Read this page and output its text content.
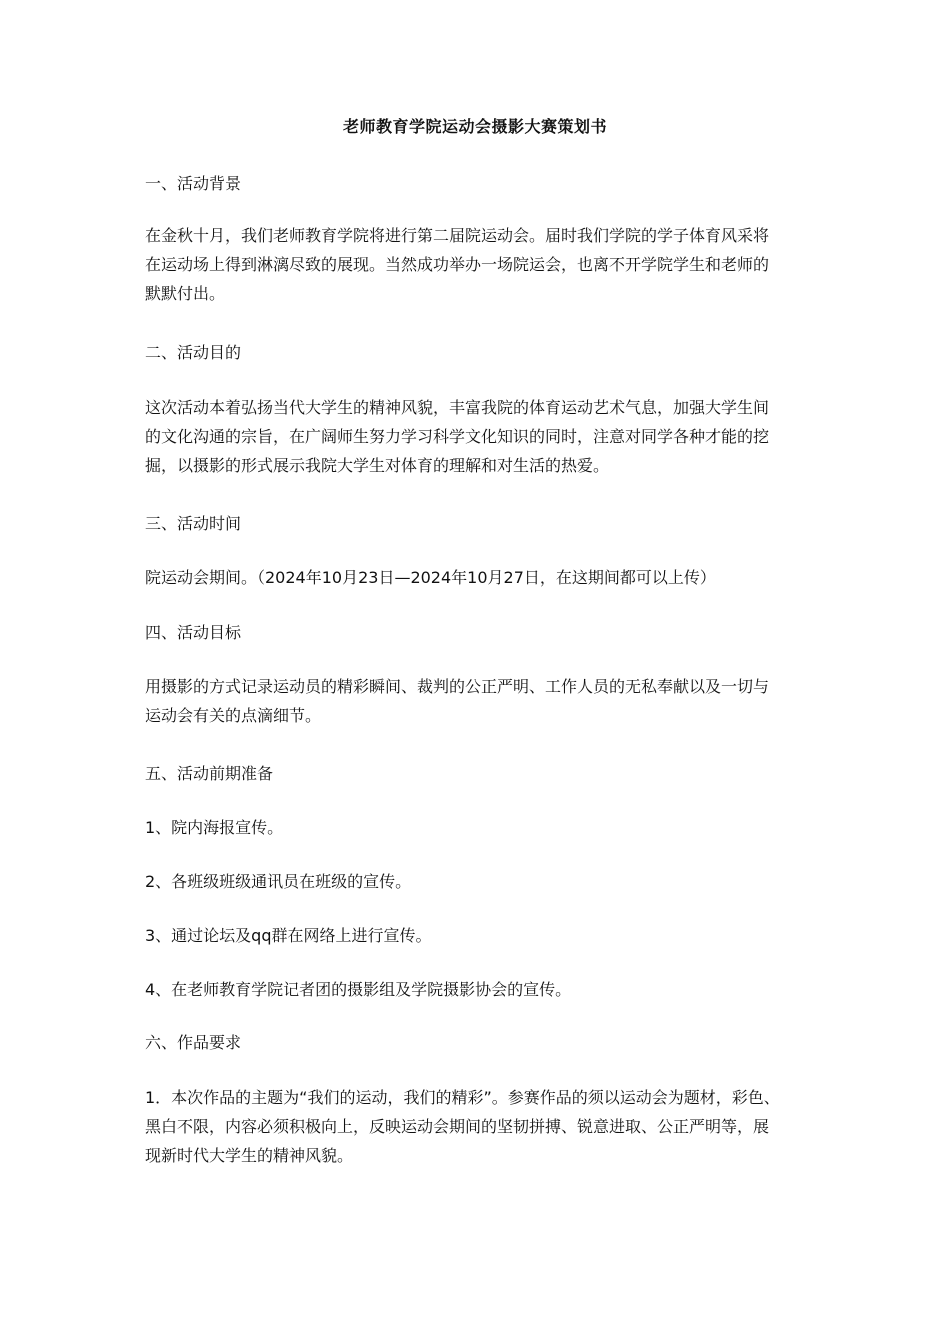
老师教育学院运动会摄影大赛策划书
一、活动背景
在金秋十月，我们老师教育学院将进行第二届院运动会。届时我们学院的学子体育风采将
在运动场上得到淋漓尽致的展现。当然成功举办一场院运会，也离不开学院学生和老师的
默默付出。
二、活动目的
这次活动本着弘扬当代大学生的精神风貌，丰富我院的体育运动艺术气息，加强大学生间
的文化沟通的宗旨，在广阔师生努力学习科学文化知识的同时，注意对同学各种才能的挖
掘，以摄影的形式展示我院大学生对体育的理解和对生活的热爱。
三、活动时间
院运动会期间。（2024年10月23日—2024年10月27日，在这期间都可以上传）
四、活动目标
用摄影的方式记录运动员的精彩瞬间、裁判的公正严明、工作人员的无私奉献以及一切与
运动会有关的点滴细节。
五、活动前期准备
1、院内海报宣传。
2、各班级班级通讯员在班级的宣传。
3、通过论坛及qq群在网络上进行宣传。
4、在老师教育学院记者团的摄影组及学院摄影协会的宣传。
六、作品要求
1．本次作品的主题为“我们的运动，我们的精彩”。参赛作品的须以运动会为题材，彩色、
黑白不限，内容必须积极向上，反映运动会期间的坚韧拼搏、锐意进取、公正严明等，展
现新时代大学生的精神风貌。
